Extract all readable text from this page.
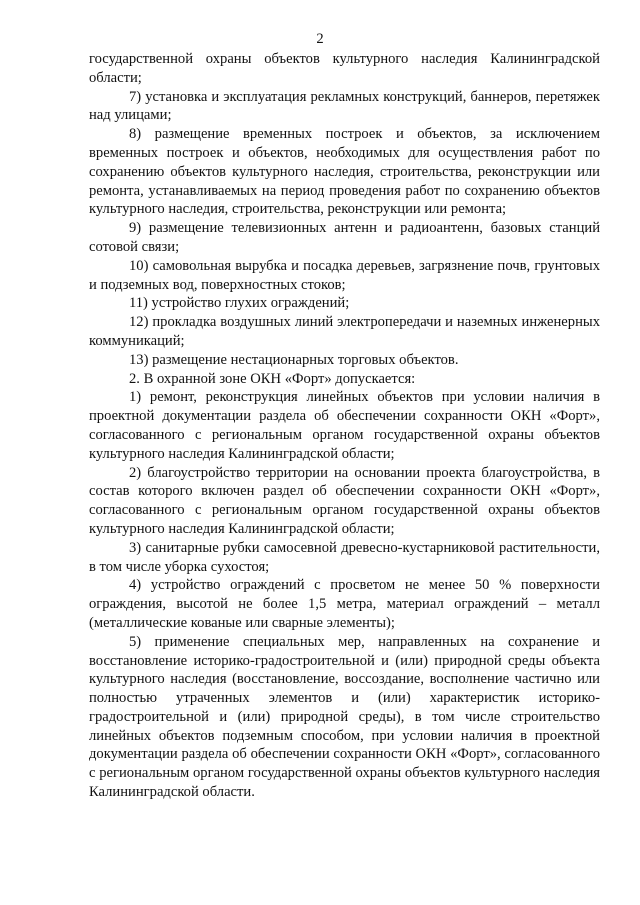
2

государственной охраны объектов культурного наследия Калининградской области;

7) установка и эксплуатация рекламных конструкций, баннеров, перетяжек над улицами;

8) размещение временных построек и объектов, за исключением временных построек и объектов, необходимых для осуществления работ по сохранению объектов культурного наследия, строительства, реконструкции или ремонта, устанавливаемых на период проведения работ по сохранению объектов культурного наследия, строительства, реконструкции или ремонта;

9) размещение телевизионных антенн и радиоантенн, базовых станций сотовой связи;

10) самовольная вырубка и посадка деревьев, загрязнение почв, грунтовых и подземных вод, поверхностных стоков;

11) устройство глухих ограждений;

12) прокладка воздушных линий электропередачи и наземных инженерных коммуникаций;

13) размещение нестационарных торговых объектов.

2. В охранной зоне ОКН «Форт» допускается:

1) ремонт, реконструкция линейных объектов при условии наличия в проектной документации раздела об обеспечении сохранности ОКН «Форт», согласованного с региональным органом государственной охраны объектов культурного наследия Калининградской области;

2) благоустройство территории на основании проекта благоустройства, в состав которого включен раздел об обеспечении сохранности ОКН «Форт», согласованного с региональным органом государственной охраны объектов культурного наследия Калининградской области;

3) санитарные рубки самосевной древесно-кустарниковой растительности, в том числе уборка сухостоя;

4) устройство ограждений с просветом не менее 50 % поверхности ограждения, высотой не более 1,5 метра, материал ограждений – металл (металлические кованые или сварные элементы);

5) применение специальных мер, направленных на сохранение и восстановление историко-градостроительной и (или) природной среды объекта культурного наследия (восстановление, воссоздание, восполнение частично или полностью утраченных элементов и (или) характеристик историко-градостроительной и (или) природной среды), в том числе строительство линейных объектов подземным способом, при условии наличия в проектной документации раздела об обеспечении сохранности ОКН «Форт», согласованного с региональным органом государственной охраны объектов культурного наследия Калининградской области.
